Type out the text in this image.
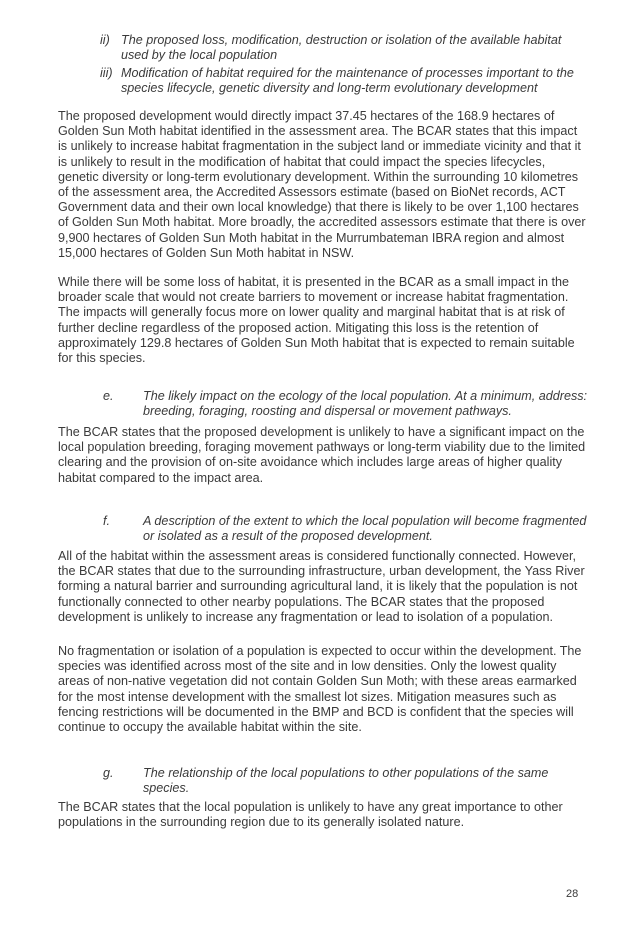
ii) The proposed loss, modification, destruction or isolation of the available habitat used by the local population
iii) Modification of habitat required for the maintenance of processes important to the species lifecycle, genetic diversity and long-term evolutionary development

The proposed development would directly impact 37.45 hectares of the 168.9 hectares of Golden Sun Moth habitat identified in the assessment area. The BCAR states that this impact is unlikely to increase habitat fragmentation in the subject land or immediate vicinity and that it is unlikely to result in the modification of habitat that could impact the species lifecycles, genetic diversity or long-term evolutionary development. Within the surrounding 10 kilometres of the assessment area, the Accredited Assessors estimate (based on BioNet records, ACT Government data and their own local knowledge) that there is likely to be over 1,100 hectares of Golden Sun Moth habitat. More broadly, the accredited assessors estimate that there is over 9,900 hectares of Golden Sun Moth habitat in the Murrumbateman IBRA region and almost 15,000 hectares of Golden Sun Moth habitat in NSW.

While there will be some loss of habitat, it is presented in the BCAR as a small impact in the broader scale that would not create barriers to movement or increase habitat fragmentation. The impacts will generally focus more on lower quality and marginal habitat that is at risk of further decline regardless of the proposed action. Mitigating this loss is the retention of approximately 129.8 hectares of Golden Sun Moth habitat that is expected to remain suitable for this species.

e.	The likely impact on the ecology of the local population. At a minimum, address: breeding, foraging, roosting and dispersal or movement pathways.

The BCAR states that the proposed development is unlikely to have a significant impact on the local population breeding, foraging movement pathways or long-term viability due to the limited clearing and the provision of on-site avoidance which includes large areas of higher quality habitat compared to the impact area.

f.	A description of the extent to which the local population will become fragmented or isolated as a result of the proposed development.

All of the habitat within the assessment areas is considered functionally connected. However, the BCAR states that due to the surrounding infrastructure, urban development, the Yass River forming a natural barrier and surrounding agricultural land, it is likely that the population is not functionally connected to other nearby populations. The BCAR states that the proposed development is unlikely to increase any fragmentation or lead to isolation of a population.

No fragmentation or isolation of a population is expected to occur within the development. The species was identified across most of the site and in low densities. Only the lowest quality areas of non-native vegetation did not contain Golden Sun Moth; with these areas earmarked for the most intense development with the smallest lot sizes. Mitigation measures such as fencing restrictions will be documented in the BMP and BCD is confident that the species will continue to occupy the available habitat within the site.

g.	The relationship of the local populations to other populations of the same species.

The BCAR states that the local population is unlikely to have any great importance to other populations in the surrounding region due to its generally isolated nature.

28
